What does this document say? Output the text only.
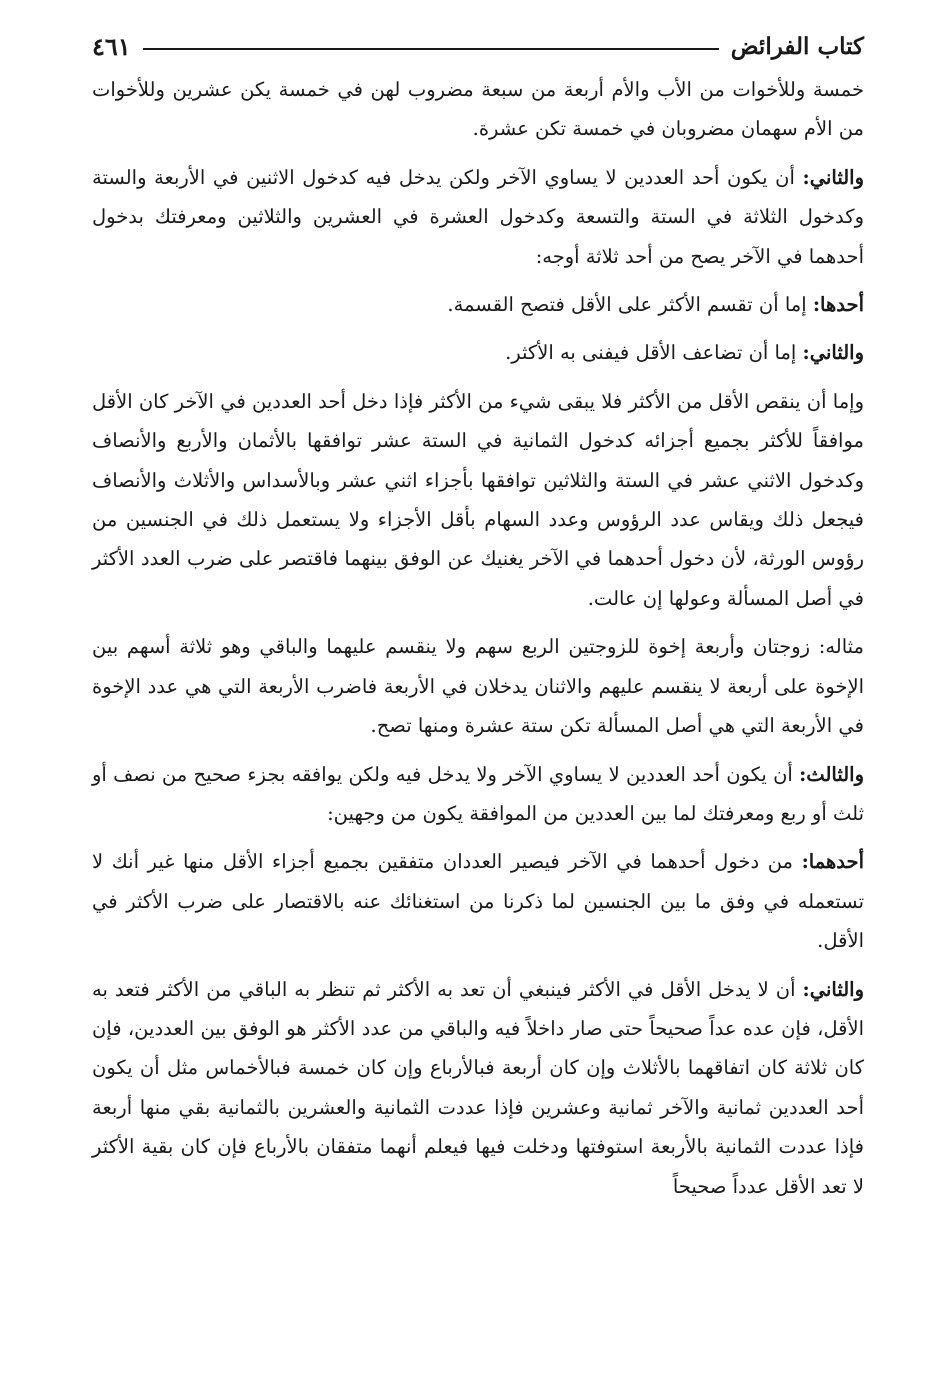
كتاب الفرائض
٤٦١

خمسة وللأخوات من الأب والأم أربعة من سبعة مضروب لهن في خمسة يكن عشرين وللأخوات من الأم سهمان مضروبان في خمسة تكن عشرة.

والثاني: أن يكون أحد العددين لا يساوي الآخر ولكن يدخل فيه كدخول الاثنين في الأربعة والستة وكدخول الثلاثة في الستة والتسعة وكدخول العشرة في العشرين والثلاثين ومعرفتك بدخول أحدهما في الآخر يصح من أحد ثلاثة أوجه:

أحدها: إما أن تقسم الأكثر على الأقل فتصح القسمة.

والثاني: إما أن تضاعف الأقل فيفنى به الأكثر.

وإما أن ينقص الأقل من الأكثر فلا يبقى شيء من الأكثر فإذا دخل أحد العددين في الآخر كان الأقل موافقاً للأكثر بجميع أجزائه كدخول الثمانية في الستة عشر توافقها بالأثمان والأربع والأنصاف وكدخول الاثني عشر في الستة والثلاثين توافقها بأجزاء اثني عشر وبالأسداس والأثلاث والأنصاف فيجعل ذلك ويقاس عدد الرؤوس وعدد السهام بأقل الأجزاء ولا يستعمل ذلك في الجنسين من رؤوس الورثة، لأن دخول أحدهما في الآخر يغنيك عن الوفق بينهما فاقتصر على ضرب العدد الأكثر في أصل المسألة وعولها إن عالت.

مثاله: زوجتان وأربعة إخوة للزوجتين الربع سهم ولا ينقسم عليهما والباقي وهو ثلاثة أسهم بين الإخوة على أربعة لا ينقسم عليهم والاثنان يدخلان في الأربعة فاضرب الأربعة التي هي عدد الإخوة في الأربعة التي هي أصل المسألة تكن ستة عشرة ومنها تصح.

والثالث: أن يكون أحد العددين لا يساوي الآخر ولا يدخل فيه ولكن يوافقه بجزء صحيح من نصف أو ثلث أو ربع ومعرفتك لما بين العددين من الموافقة يكون من وجهين:

أحدهما: من دخول أحدهما في الآخر فيصير العددان متفقين بجميع أجزاء الأقل منها غير أنك لا تستعمله في وفق ما بين الجنسين لما ذكرنا من استغنائك عنه بالاقتصار على ضرب الأكثر في الأقل.

والثاني: أن لا يدخل الأقل في الأكثر فينبغي أن تعد به الأكثر ثم تنظر به الباقي من الأكثر فتعد به الأقل، فإن عده عداً صحيحاً حتى صار داخلاً فيه والباقي من عدد الأكثر هو الوفق بين العددين، فإن كان ثلاثة كان اتفاقهما بالأثلاث وإن كان أربعة فبالأرباع وإن كان خمسة فبالأخماس مثل أن يكون أحد العددين ثمانية والآخر ثمانية وعشرين فإذا عددت الثمانية والعشرين بالثمانية بقي منها أربعة فإذا عددت الثمانية بالأربعة استوفتها ودخلت فيها فيعلم أنهما متفقان بالأرباع فإن كان بقية الأكثر لا تعد الأقل عدداً صحيحاً
